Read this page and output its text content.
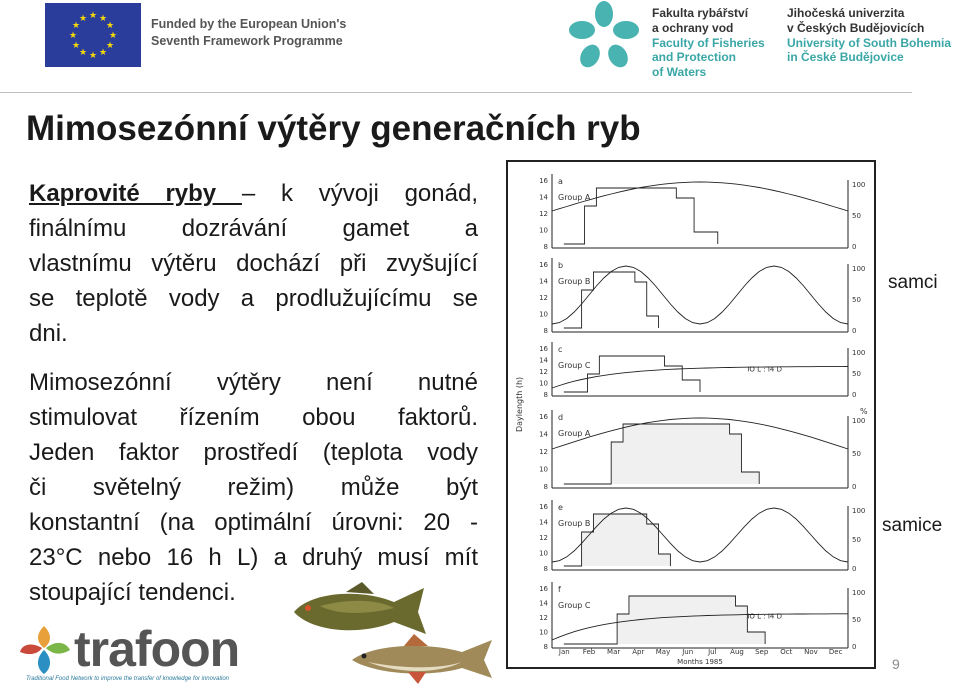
★ ★
★
★
★
★
★
★
★
★
★
★	Funded by the European Union's
Seventh Framework Programme
Fakulta rybářství
a ochrany vod
Faculty of Fisheries
and Protection
of Waters
Jihočeská univerzita
v Českých Budějovicích
University of South Bohemia
in České Budějovice
Mimosezónní výtěry generačních ryb
Kaprovité ryby – k vývoji gonád,
finálnímu dozrávání gamet a
vlastnímu výtěru dochází při zvyšující
se teplotě vody a prodlužujícímu se
dni.
Mimosezónní výtěry není nutné
stimulovat řízením obou faktorů.
Jeden faktor prostředí (teplota vody
či světelný režim) může být
konstantní (na optimální úrovni: 20 -
23°C nebo 16 h L) a druhý musí mít
stoupající tendenci.
16
14
12
10
8
100
50
0
a
Group A
16
14
12
10
8
100
50
0
b
Group B
16
14
12
10
8
100
50
0
c
Group C	IO L : I4 D
16
14
12
10
8
100
50
0
d
Group A
16
14
12
10
8
100
50
0
e
Group B
16
14
12
10
8
100
50
0
f
Group C
IO L : I4 D
Daylength (h)	%
Jan Feb Mar Apr May Jun Jul Aug Sep Oct Nov Dec
Months 1985
samci
samice
trafoon
Traditional Food Network to improve the transfer of knowledge for innovation
9
